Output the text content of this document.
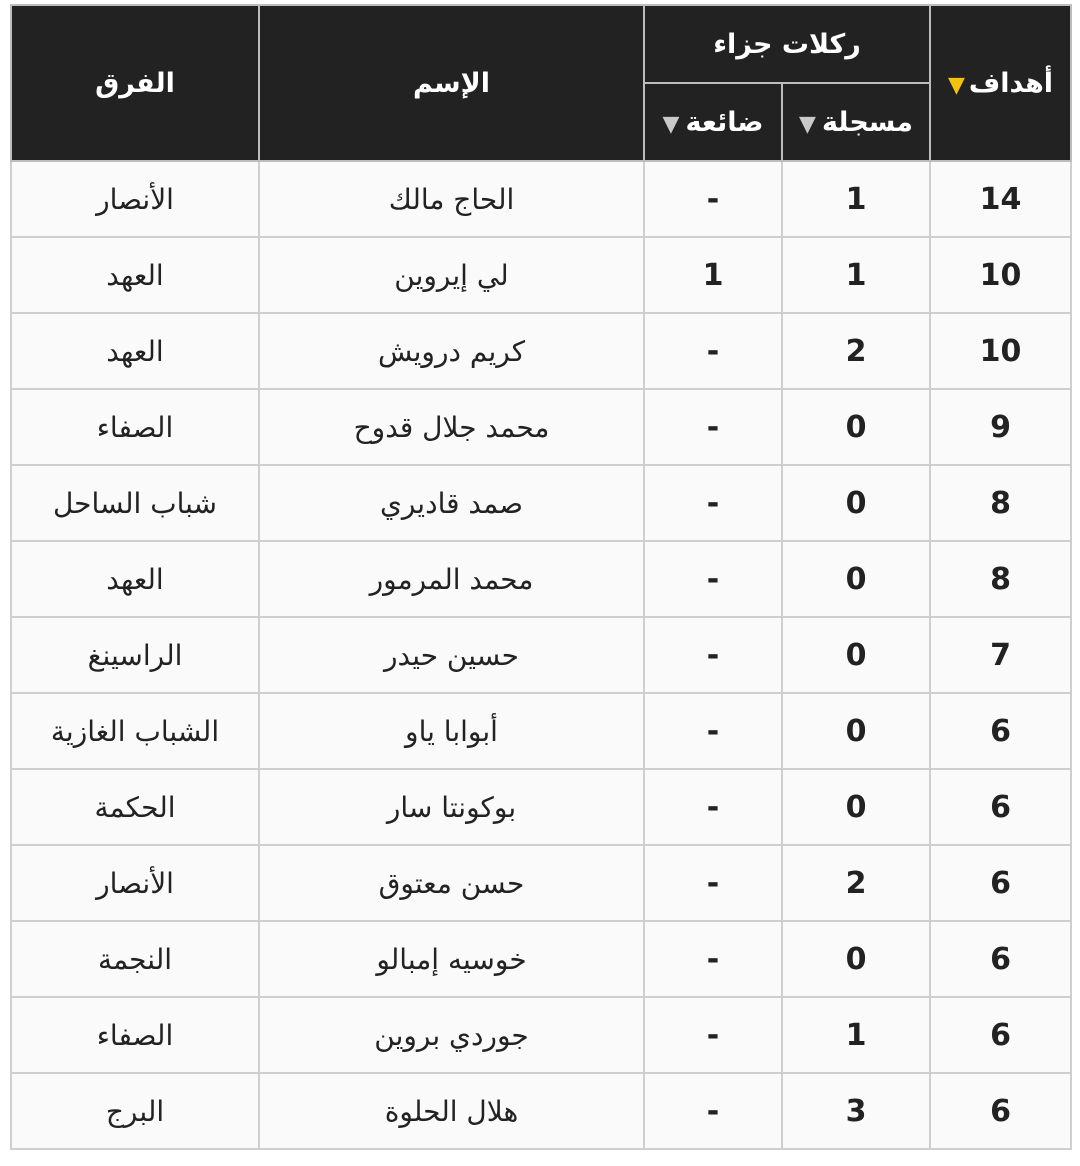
أهداف▼	ركلات جزاء		الإسم	الفرق
	مسجلة▼	ضائعة▼		
14	1	-	الحاج مالك	الأنصار
10	1	1	لي إيروين	العهد
10	2	-	كريم درويش	العهد
9	0	-	محمد جلال قدوح	الصفاء
8	0	-	صمد قاديري	شباب الساحل
8	0	-	محمد المرمور	العهد
7	0	-	حسين حيدر	الراسينغ
6	0	-	أبوابا ياو	الشباب الغازية
6	0	-	بوكونتا سار	الحكمة
6	2	-	حسن معتوق	الأنصار
6	0	-	خوسيه إمبالو	النجمة
6	1	-	جوردي بروين	الصفاء
6	3	-	هلال الحلوة	البرج
